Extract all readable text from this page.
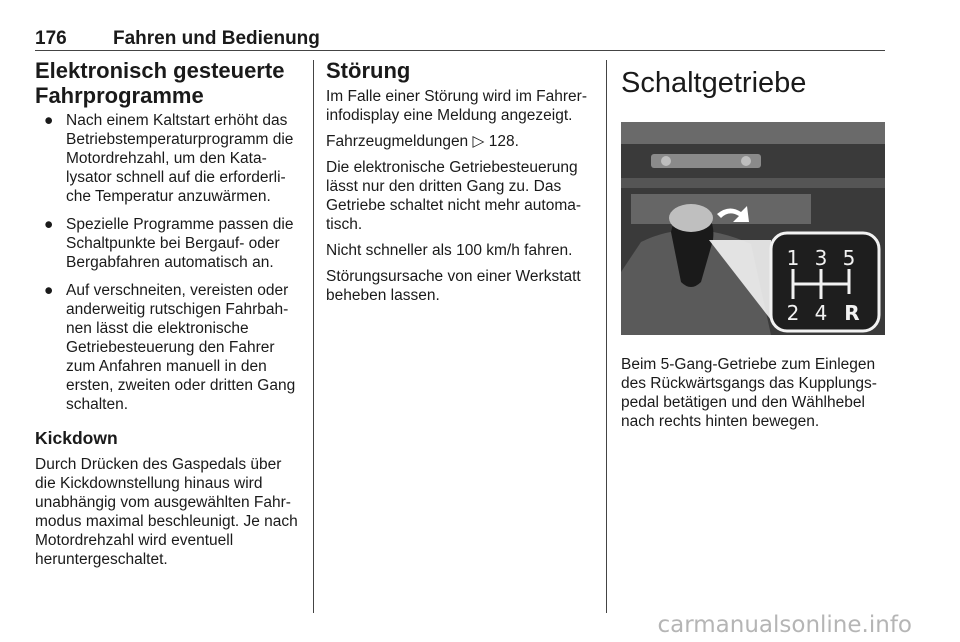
176 Fahren und Bedienung
Elektronisch gesteuerte
Fahrprogramme
● Nach einem Kaltstart erhöht das Betriebstemperaturprogramm die Motordrehzahl, um den Katalysator schnell auf die erforderliche Temperatur anzuwärmen.
● Spezielle Programme passen die Schaltpunkte bei Bergauf- oder Bergabfahren automatisch an.
● Auf verschneiten, vereisten oder anderweitig rutschigen Fahrbahnen lässt die elektronische Getriebesteuerung den Fahrer zum Anfahren manuell in den ersten, zweiten oder dritten Gang schalten.
Kickdown

Durch Drücken des Gaspedals über die Kickdownstellung hinaus wird unabhängig vom ausgewählten Fahrmodus maximal beschleunigt. Je nach Motordrehzahl wird eventuell heruntergeschaltet.

Störung

Im Falle einer Störung wird im Fahrerinfodisplay eine Meldung angezeigt.

Fahrzeugmeldungen ▷ 128.

Die elektronische Getriebesteuerung lässt nur den dritten Gang zu. Das Getriebe schaltet nicht mehr automatisch.

Nicht schneller als 100 km/h fahren.

Störungsursache von einer Werkstatt beheben lassen.

Schaltgetriebe
1 3 5
2 4 R

Beim 5-Gang-Getriebe zum Einlegen des Rückwärtsgangs das Kupplungspedal betätigen und den Wählhebel nach rechts hinten bewegen.

carmanualsonline.info
